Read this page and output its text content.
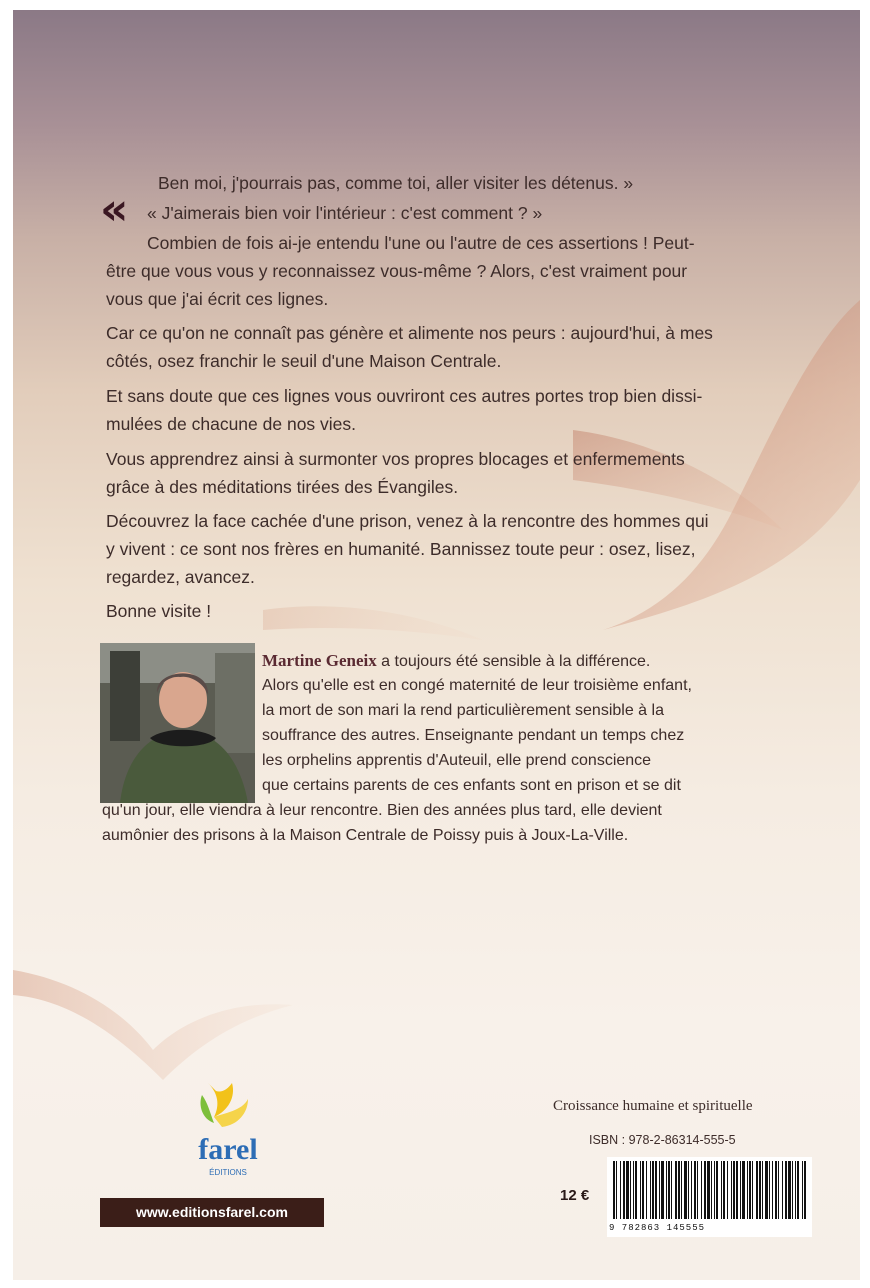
«

Ben moi, j'pourrais pas, comme toi, aller visiter les détenus. »

« J'aimerais bien voir l'intérieur : c'est comment ? »

Combien de fois ai-je entendu l'une ou l'autre de ces assertions ! Peut-

être que vous vous y reconnaissez vous-même ? Alors, c'est vraiment pour

vous que j'ai écrit ces lignes.

Car ce qu'on ne connaît pas génère et alimente nos peurs : aujourd'hui, à mes

côtés, osez franchir le seuil d'une Maison Centrale.

Et sans doute que ces lignes vous ouvriront ces autres portes trop bien dissi-

mulées de chacune de nos vies.

Vous apprendrez ainsi à surmonter vos propres blocages et enfermements

grâce à des méditations tirées des Évangiles.

Découvrez la face cachée d'une prison, venez à la rencontre des hommes qui

y vivent : ce sont nos frères en humanité. Bannissez toute peur : osez, lisez,

regardez, avancez.

Bonne visite !

Martine Geneix a toujours été sensible à la différence.
Alors qu'elle est en congé maternité de leur troisième enfant,
la mort de son mari la rend particulièrement sensible à la
souffrance des autres. Enseignante pendant un temps chez
les orphelins apprentis d'Auteuil, elle prend conscience
que certains parents de ces enfants sont en prison et se dit
qu'un jour, elle viendra à leur rencontre. Bien des années plus tard, elle devient
aumônier des prisons à la Maison Centrale de Poissy puis à Joux-La-Ville.
farel
ÉDITIONS
www.editionsfarel.com
Croissance humaine et spirituelle
ISBN : 978-2-86314-555-5
12 €
9 782863 145555
